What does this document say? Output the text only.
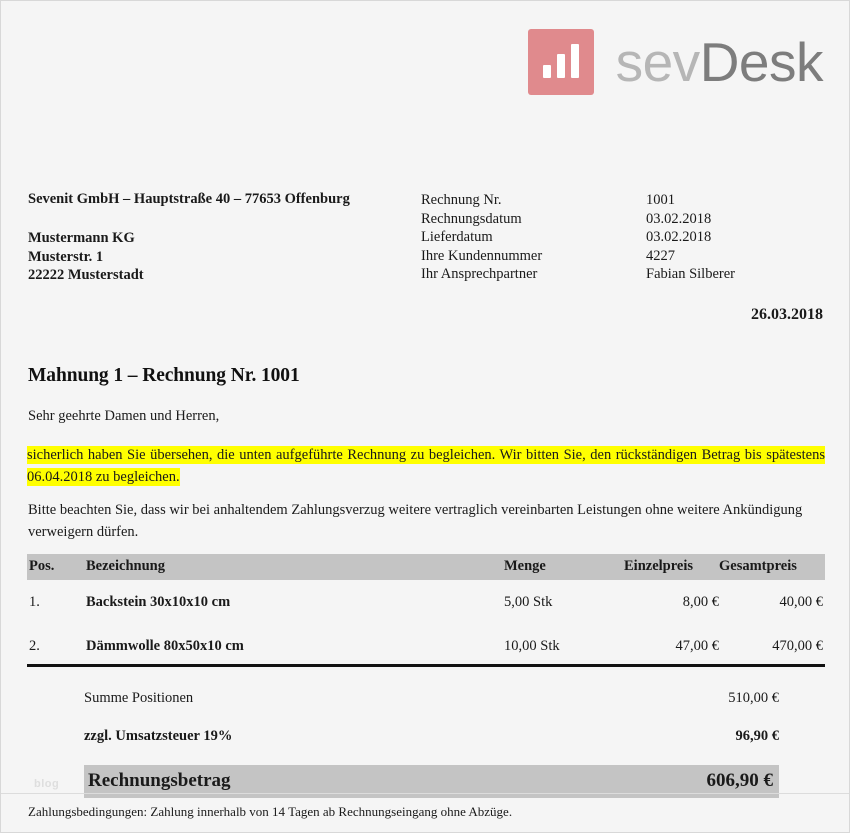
sevDesk
Sevenit GmbH – Hauptstraße 40 – 77653 Offenburg
Mustermann KG
Musterstr. 1
22222 Musterstadt
Rechnung Nr.	1001
Rechnungsdatum	03.02.2018
Lieferdatum	03.02.2018
Ihre Kundennummer	4227
Ihr Ansprechpartner	Fabian Silberer
26.03.2018
Mahnung 1 – Rechnung Nr. 1001
Sehr geehrte Damen und Herren,
sicherlich haben Sie übersehen, die unten aufgeführte Rechnung zu begleichen. Wir bitten Sie, den rückständigen Betrag bis spätestens 06.04.2018 zu begleichen.
Bitte beachten Sie, dass wir bei anhaltendem Zahlungsverzug weitere vertraglich vereinbarten Leistungen ohne weitere Ankündigung verweigern dürfen.
Pos.	Bezeichnung	Menge	Einzelpreis	Gesamtpreis
1.	Backstein 30x10x10 cm	5,00 Stk	8,00 €	40,00 €
2.	Dämmwolle 80x50x10 cm	10,00 Stk	47,00 €	470,00 €
Summe Positionen	510,00 €
zzgl. Umsatzsteuer 19%	96,90 €
Rechnungsbetrag	606,90 €
blog
Zahlungsbedingungen: Zahlung innerhalb von 14 Tagen ab Rechnungseingang ohne Abzüge.
